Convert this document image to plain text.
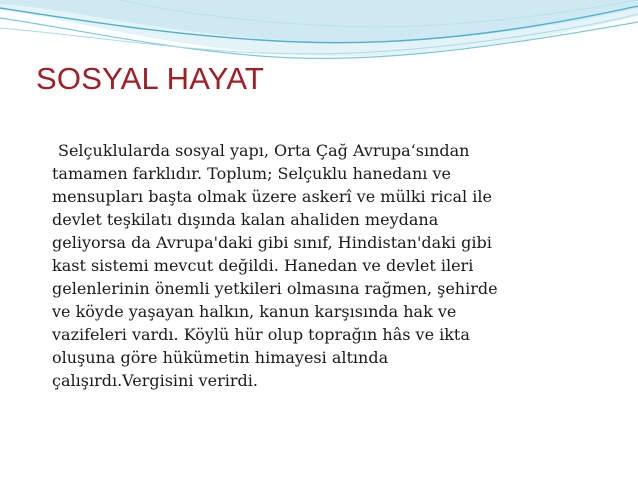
SOSYAL HAYAT

Selçuklularda sosyal yapı, Orta Çağ Avrupa‘sından
tamamen farklıdır. Toplum; Selçuklu hanedanı ve
mensupları başta olmak üzere askerî ve mülki rical ile
devlet teşkilatı dışında kalan ahaliden meydana
geliyorsa da Avrupa'daki gibi sınıf, Hindistan'daki gibi
kast sistemi mevcut değildi. Hanedan ve devlet ileri
gelenlerinin önemli yetkileri olmasına rağmen, şehirde
ve köyde yaşayan halkın, kanun karşısında hak ve
vazifeleri vardı. Köylü hür olup toprağın hâs ve ikta
oluşuna göre hükümetin himayesi altında
çalışırdı.Vergisini verirdi.
